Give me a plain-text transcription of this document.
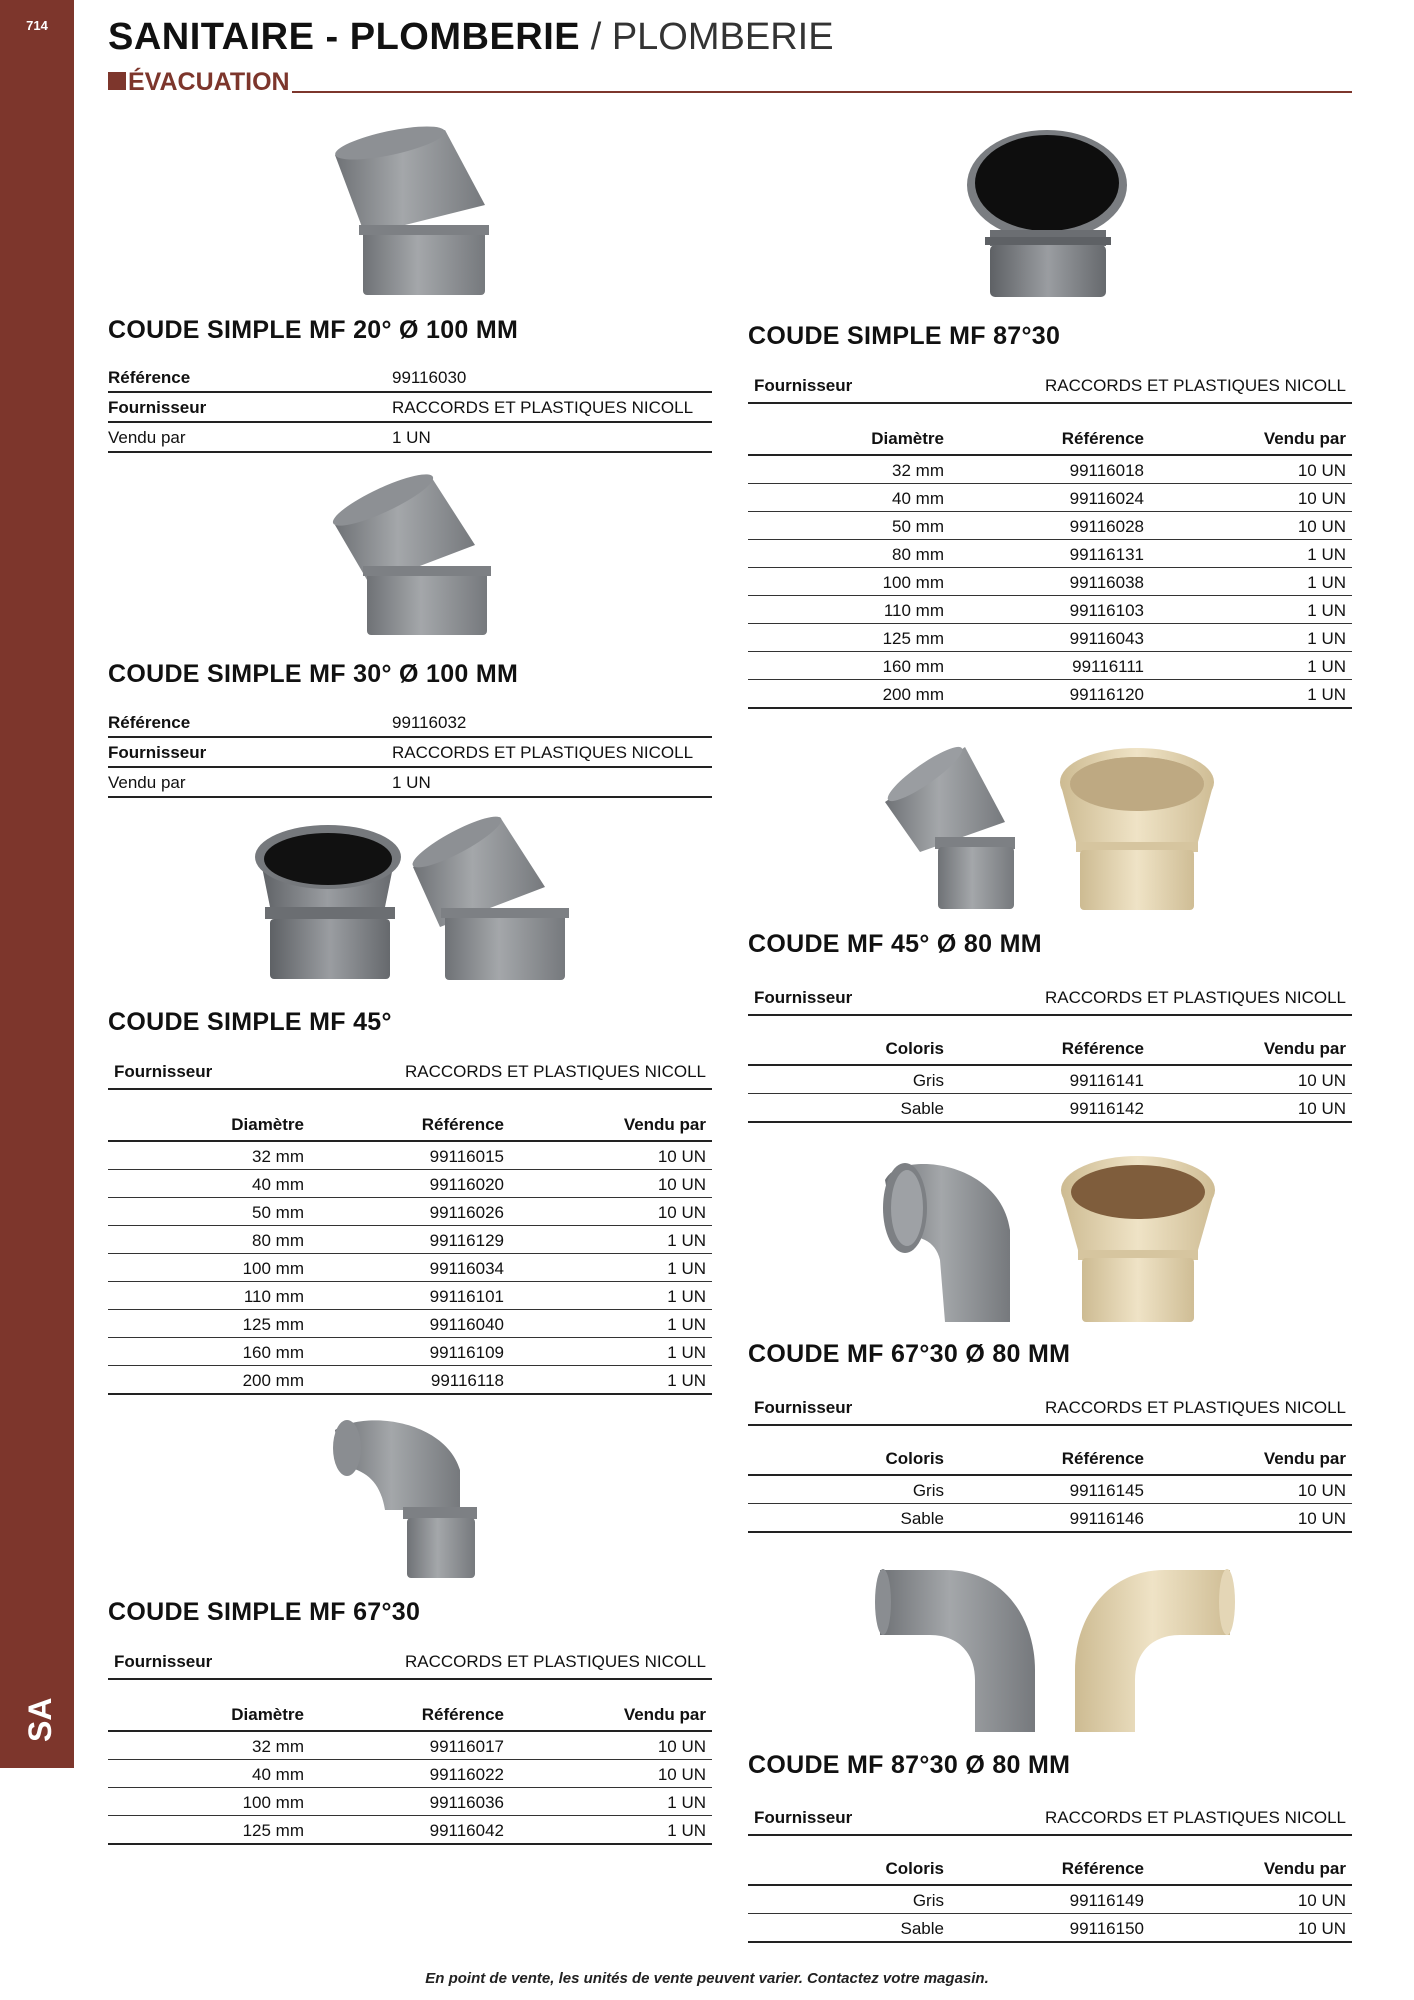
714
SA
SANITAIRE - PLOMBERIE / PLOMBERIE
ÉVACUATION
COUDE SIMPLE MF 20° Ø 100 MM
Référence	99116030
Fournisseur	RACCORDS ET PLASTIQUES NICOLL
Vendu par	1 UN
COUDE SIMPLE MF 30° Ø 100 MM
Référence	99116032
Fournisseur	RACCORDS ET PLASTIQUES NICOLL
Vendu par	1 UN
COUDE SIMPLE MF 45°
Fournisseur	RACCORDS ET PLASTIQUES NICOLL
Diamètre	Référence	Vendu par
32 mm	99116015	10 UN
40 mm	99116020	10 UN
50 mm	99116026	10 UN
80 mm	99116129	1 UN
100 mm	99116034	1 UN
110 mm	99116101	1 UN
125 mm	99116040	1 UN
160 mm	99116109	1 UN
200 mm	99116118	1 UN
COUDE SIMPLE MF 67°30
Fournisseur	RACCORDS ET PLASTIQUES NICOLL
Diamètre	Référence	Vendu par
32 mm	99116017	10 UN
40 mm	99116022	10 UN
100 mm	99116036	1 UN
125 mm	99116042	1 UN
COUDE SIMPLE MF 87°30
Fournisseur	RACCORDS ET PLASTIQUES NICOLL
Diamètre	Référence	Vendu par
32 mm	99116018	10 UN
40 mm	99116024	10 UN
50 mm	99116028	10 UN
80 mm	99116131	1 UN
100 mm	99116038	1 UN
110 mm	99116103	1 UN
125 mm	99116043	1 UN
160 mm	99116111	1 UN
200 mm	99116120	1 UN
COUDE MF 45° Ø 80 MM
Fournisseur	RACCORDS ET PLASTIQUES NICOLL
Coloris	Référence	Vendu par
Gris	99116141	10 UN
Sable	99116142	10 UN
COUDE MF 67°30 Ø 80 MM
Fournisseur	RACCORDS ET PLASTIQUES NICOLL
Coloris	Référence	Vendu par
Gris	99116145	10 UN
Sable	99116146	10 UN
COUDE MF 87°30 Ø 80 MM
Fournisseur	RACCORDS ET PLASTIQUES NICOLL
Coloris	Référence	Vendu par
Gris	99116149	10 UN
Sable	99116150	10 UN
En point de vente, les unités de vente peuvent varier. Contactez votre magasin.
